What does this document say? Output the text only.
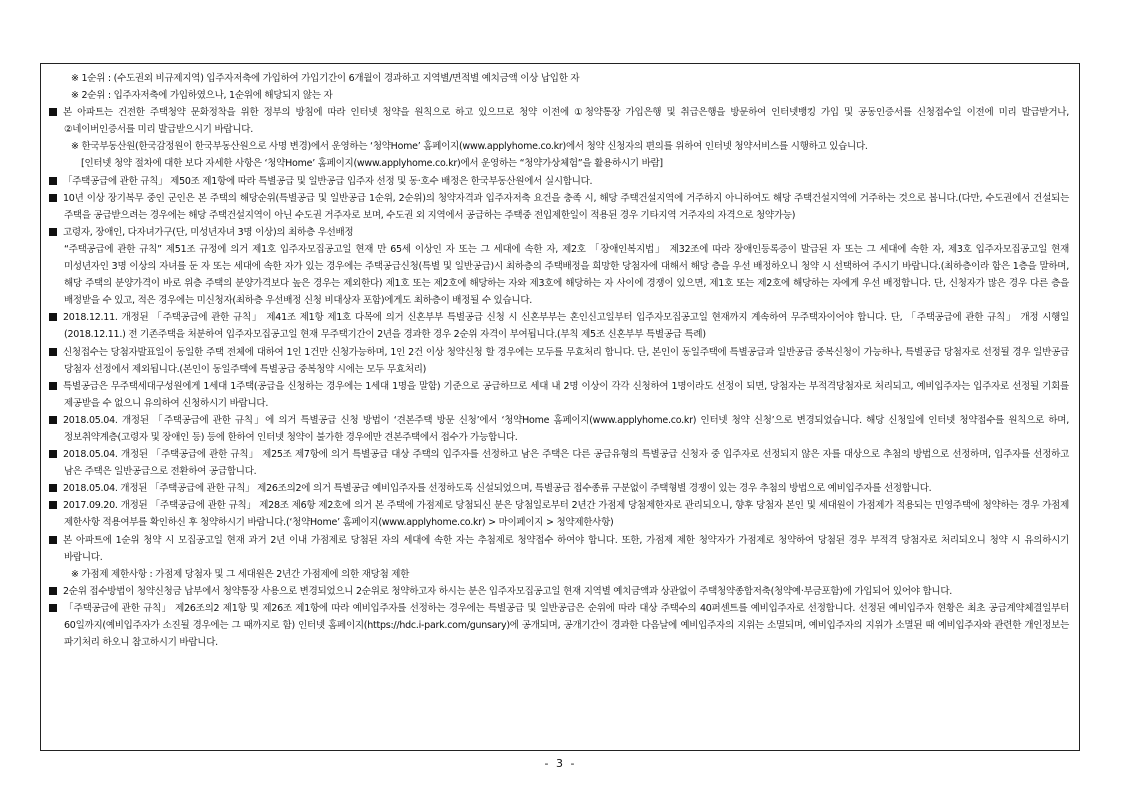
※ 1순위 : (수도권외 비규제지역) 입주자저축에 가입하여 가입기간이 6개월이 경과하고 지역별/면적별 예치금액 이상 납입한 자
※ 2순위 : 입주자저축에 가입하였으나, 1순위에 해당되지 않는 자
본 아파트는 건전한 주택청약 문화정착을 위한 정부의 방침에 따라 인터넷 청약을 원칙으로 하고 있으므로 청약 이전에 ①청약통장 가입은행 및 취급은행을 방문하여 인터넷뱅킹 가입 및 공동인증서를 신청접수일 이전에 미리 발급받거나, ②네이버인증서를 미리 발급받으시기 바랍니다.
※ 한국부동산원(한국감정원이 한국부동산원으로 사명 변경)에서 운영하는 ‘청약Home’ 홈페이지(www.applyhome.co.kr)에서 청약 신청자의 편의를 위하여 인터넷 청약서비스를 시행하고 있습니다.
[인터넷 청약 절차에 대한 보다 자세한 사항은 ‘청약Home’ 홈페이지(www.applyhome.co.kr)에서 운영하는 “청약가상체험”을 활용하시기 바람]
「주택공급에 관한 규칙」 제50조 제1항에 따라 특별공급 및 일반공급 입주자 선정 및 동·호수 배정은 한국부동산원에서 실시합니다.
10년 이상 장기복무 중인 군인은 본 주택의 해당순위(특별공급 및 일반공급 1순위, 2순위)의 청약자격과 입주자저축 요건을 충족 시, 해당 주택건설지역에 거주하지 아니하여도 해당 주택건설지역에 거주하는 것으로 봅니다.(다만, 수도권에서 건설되는 주택을 공급받으려는 경우에는 해당 주택건설지역이 아닌 수도권 거주자로 보며, 수도권 외 지역에서 공급하는 주택중 전입제한일이 적용된 경우 기타지역 거주자의 자격으로 청약가능)
고령자, 장애인, 다자녀가구(단, 미성년자녀 3명 이상)의 최하층 우선배정
“주택공급에 관한 규칙” 제51조 규정에 의거 제1호 입주자모집공고일 현재 만 65세 이상인 자 또는 그 세대에 속한 자, 제2호 「장애인복지법」 제32조에 따라 장애인등록증이 발급된 자 또는 그 세대에 속한 자, 제3호 입주자모집공고일 현재 미성년자인 3명 이상의 자녀를 둔 자 또는 세대에 속한 자가 있는 경우에는 주택공급신청(특별 및 일반공급)시 최하층의 주택배정을 희망한 당첨자에 대해서 해당 층을 우선 배정하오니 청약 시 선택하여 주시기 바랍니다.(최하층이라 함은 1층을 말하며, 해당 주택의 분양가격이 바로 위층 주택의 분양가격보다 높은 경우는 제외한다) 제1호 또는 제2호에 해당하는 자와 제3호에 해당하는 자 사이에 경쟁이 있으면, 제1호 또는 제2호에 해당하는 자에게 우선 배정합니다. 단, 신청자가 많은 경우 다른 층을 배정받을 수 있고, 적은 경우에는 미신청자(최하층 우선배정 신청 비대상자 포함)에게도 최하층이 배정될 수 있습니다.
2018.12.11. 개정된 「주택공급에 관한 규칙」 제41조 제1항 제1호 다목에 의거 신혼부부 특별공급 신청 시 신혼부부는 혼인신고일부터 입주자모집공고일 현재까지 계속하여 무주택자이어야 합니다. 단, 「주택공급에 관한 규칙」 개정 시행일(2018.12.11.) 전 기존주택을 처분하여 입주자모집공고일 현재 무주택기간이 2년을 경과한 경우 2순위 자격이 부여됩니다.(부칙 제5조 신혼부부 특별공급 특례)
신청접수는 당첨자발표일이 동일한 주택 전체에 대하여 1인 1건만 신청가능하며, 1인 2건 이상 청약신청 할 경우에는 모두를 무효처리 합니다. 단, 본인이 동일주택에 특별공급과 일반공급 중복신청이 가능하나, 특별공급 당첨자로 선정될 경우 일반공급 당첨자 선정에서 제외됩니다.(본인이 동일주택에 특별공급 중복청약 시에는 모두 무효처리)
특별공급은 무주택세대구성원에게 1세대 1주택(공급을 신청하는 경우에는 1세대 1명을 말함) 기준으로 공급하므로 세대 내 2명 이상이 각각 신청하여 1명이라도 선정이 되면, 당첨자는 부적격당첨자로 처리되고, 예비입주자는 입주자로 선정될 기회를 제공받을 수 없으니 유의하여 신청하시기 바랍니다.
2018.05.04. 개정된 「주택공급에 관한 규칙」에 의거 특별공급 신청 방법이 ‘견본주택 방문 신청’에서 ‘청약Home 홈페이지(www.applyhome.co.kr) 인터넷 청약 신청’으로 변경되었습니다. 해당 신청일에 인터넷 청약접수를 원칙으로 하며, 정보취약계층(고령자 및 장애인 등) 등에 한하여 인터넷 청약이 불가한 경우에만 견본주택에서 접수가 가능합니다.
2018.05.04. 개정된 「주택공급에 관한 규칙」 제25조 제7항에 의거 특별공급 대상 주택의 입주자를 선정하고 남은 주택은 다른 공급유형의 특별공급 신청자 중 입주자로 선정되지 않은 자를 대상으로 추첨의 방법으로 선정하며, 입주자를 선정하고 남은 주택은 일반공급으로 전환하여 공급합니다.
2018.05.04. 개정된 「주택공급에 관한 규칙」 제26조의2에 의거 특별공급 예비입주자를 선정하도록 신설되었으며, 특별공급 접수종류 구분없이 주택형별 경쟁이 있는 경우 추첨의 방법으로 예비입주자를 선정합니다.
2017.09.20. 개정된 「주택공급에 관한 규칙」 제28조 제6항 제2호에 의거 본 주택에 가점제로 당첨되신 분은 당첨일로부터 2년간 가점제 당첨제한자로 관리되오니, 향후 당첨자 본인 및 세대원이 가점제가 적용되는 민영주택에 청약하는 경우 가점제 제한사항 적용여부를 확인하신 후 청약하시기 바랍니다.(‘청약Home’ 홈페이지(www.applyhome.co.kr) > 마이페이지 > 청약제한사항)
본 아파트에 1순위 청약 시 모집공고일 현재 과거 2년 이내 가점제로 당첨된 자의 세대에 속한 자는 추첨제로 청약접수 하여야 합니다. 또한, 가점제 제한 청약자가 가점제로 청약하여 당첨된 경우 부적격 당첨자로 처리되오니 청약 시 유의하시기 바랍니다.
※ 가점제 제한사항 : 가점제 당첨자 및 그 세대원은 2년간 가점제에 의한 재당첨 제한
2순위 접수방법이 청약신청금 납부에서 청약통장 사용으로 변경되었으니 2순위로 청약하고자 하시는 분은 입주자모집공고일 현재 지역별 예치금액과 상관없이 주택청약종합저축(청약예·부금포함)에 가입되어 있어야 합니다.
「주택공급에 관한 규칙」 제26조의2 제1항 및 제26조 제1항에 따라 예비입주자를 선정하는 경우에는 특별공급 및 일반공급은 순위에 따라 대상 주택수의 40퍼센트를 예비입주자로 선정합니다. 선정된 예비입주자 현황은 최초 공급계약체결일부터 60일까지(예비입주자가 소진될 경우에는 그 때까지로 함) 인터넷 홈페이지(https://hdc.i-park.com/gunsary)에 공개되며, 공개기간이 경과한 다음날에 예비입주자의 지위는 소멸되며, 예비입주자의 지위가 소멸된 때 예비입주자와 관련한 개인정보는 파기처리 하오니 참고하시기 바랍니다.
- 3 -
